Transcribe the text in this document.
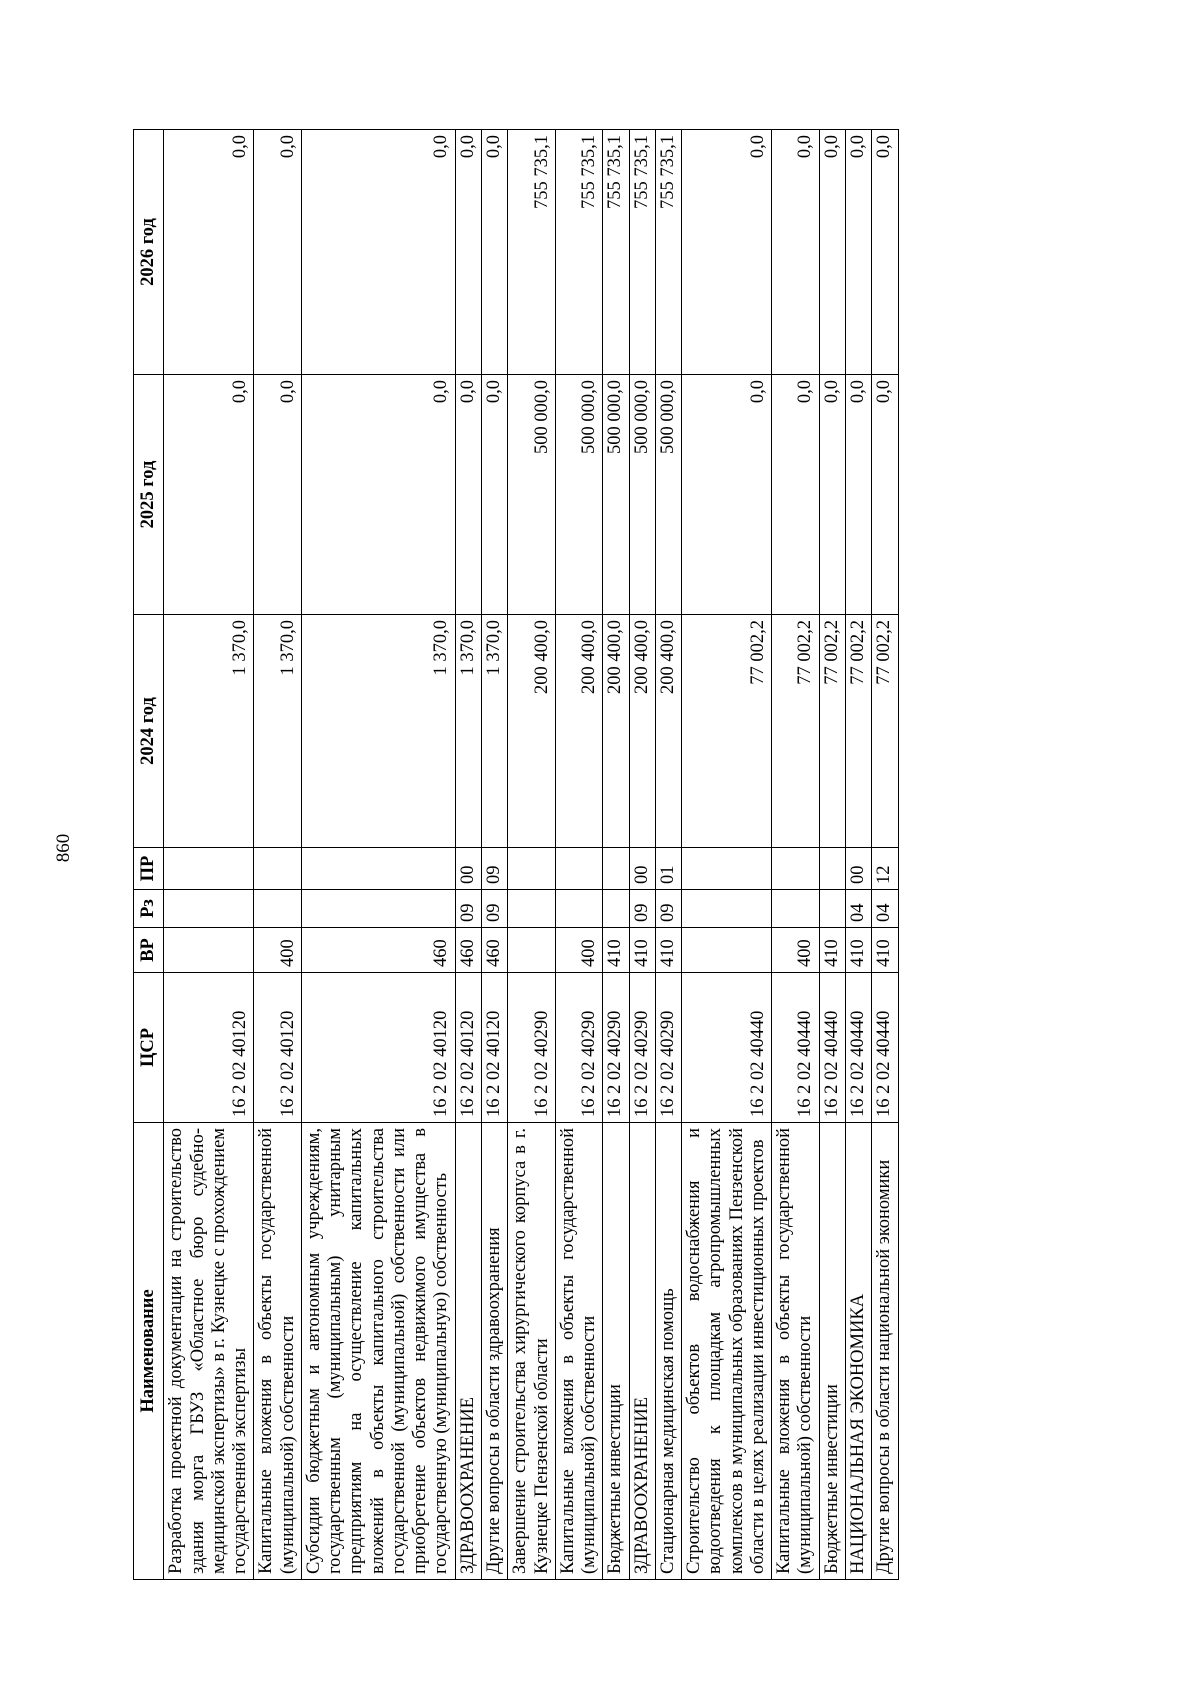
860
Наименование	ЦСР	ВР	Рз	ПР	2024 год	2025 год	2026 год
Разработка проектной документации на строительство здания морга ГБУЗ «Областное бюро судебно-медицинской экспертизы» в г. Кузнецке с прохождением государственной экспертизы	16 2 02 40120				1 370,0	0,0	0,0
Капитальные вложения в объекты государственной (муниципальной) собственности	16 2 02 40120	400			1 370,0	0,0	0,0
Субсидии бюджетным и автономным учреждениям, государственным (муниципальным) унитарным предприятиям на осуществление капитальных вложений в объекты капитального строительства государственной (муниципальной) собственности или приобретение объектов недвижимого имущества в государственную (муниципальную) собственность	16 2 02 40120	460			1 370,0	0,0	0,0
ЗДРАВООХРАНЕНИЕ	16 2 02 40120	460	09	00	1 370,0	0,0	0,0
Другие вопросы в области здравоохранения	16 2 02 40120	460	09	09	1 370,0	0,0	0,0
Завершение строительства хирургического корпуса в г. Кузнецке Пензенской области	16 2 02 40290				200 400,0	500 000,0	755 735,1
Капитальные вложения в объекты государственной (муниципальной) собственности	16 2 02 40290	400			200 400,0	500 000,0	755 735,1
Бюджетные инвестиции	16 2 02 40290	410			200 400,0	500 000,0	755 735,1
ЗДРАВООХРАНЕНИЕ	16 2 02 40290	410	09	00	200 400,0	500 000,0	755 735,1
Стационарная медицинская помощь	16 2 02 40290	410	09	01	200 400,0	500 000,0	755 735,1
Строительство объектов водоснабжения и водоотведения к площадкам агропромышленных комплексов в муниципальных образованиях Пензенской области в целях реализации инвестиционных проектов	16 2 02 40440				77 002,2	0,0	0,0
Капитальные вложения в объекты государственной (муниципальной) собственности	16 2 02 40440	400			77 002,2	0,0	0,0
Бюджетные инвестиции	16 2 02 40440	410			77 002,2	0,0	0,0
НАЦИОНАЛЬНАЯ ЭКОНОМИКА	16 2 02 40440	410	04	00	77 002,2	0,0	0,0
Другие вопросы в области национальной экономики	16 2 02 40440	410	04	12	77 002,2	0,0	0,0
